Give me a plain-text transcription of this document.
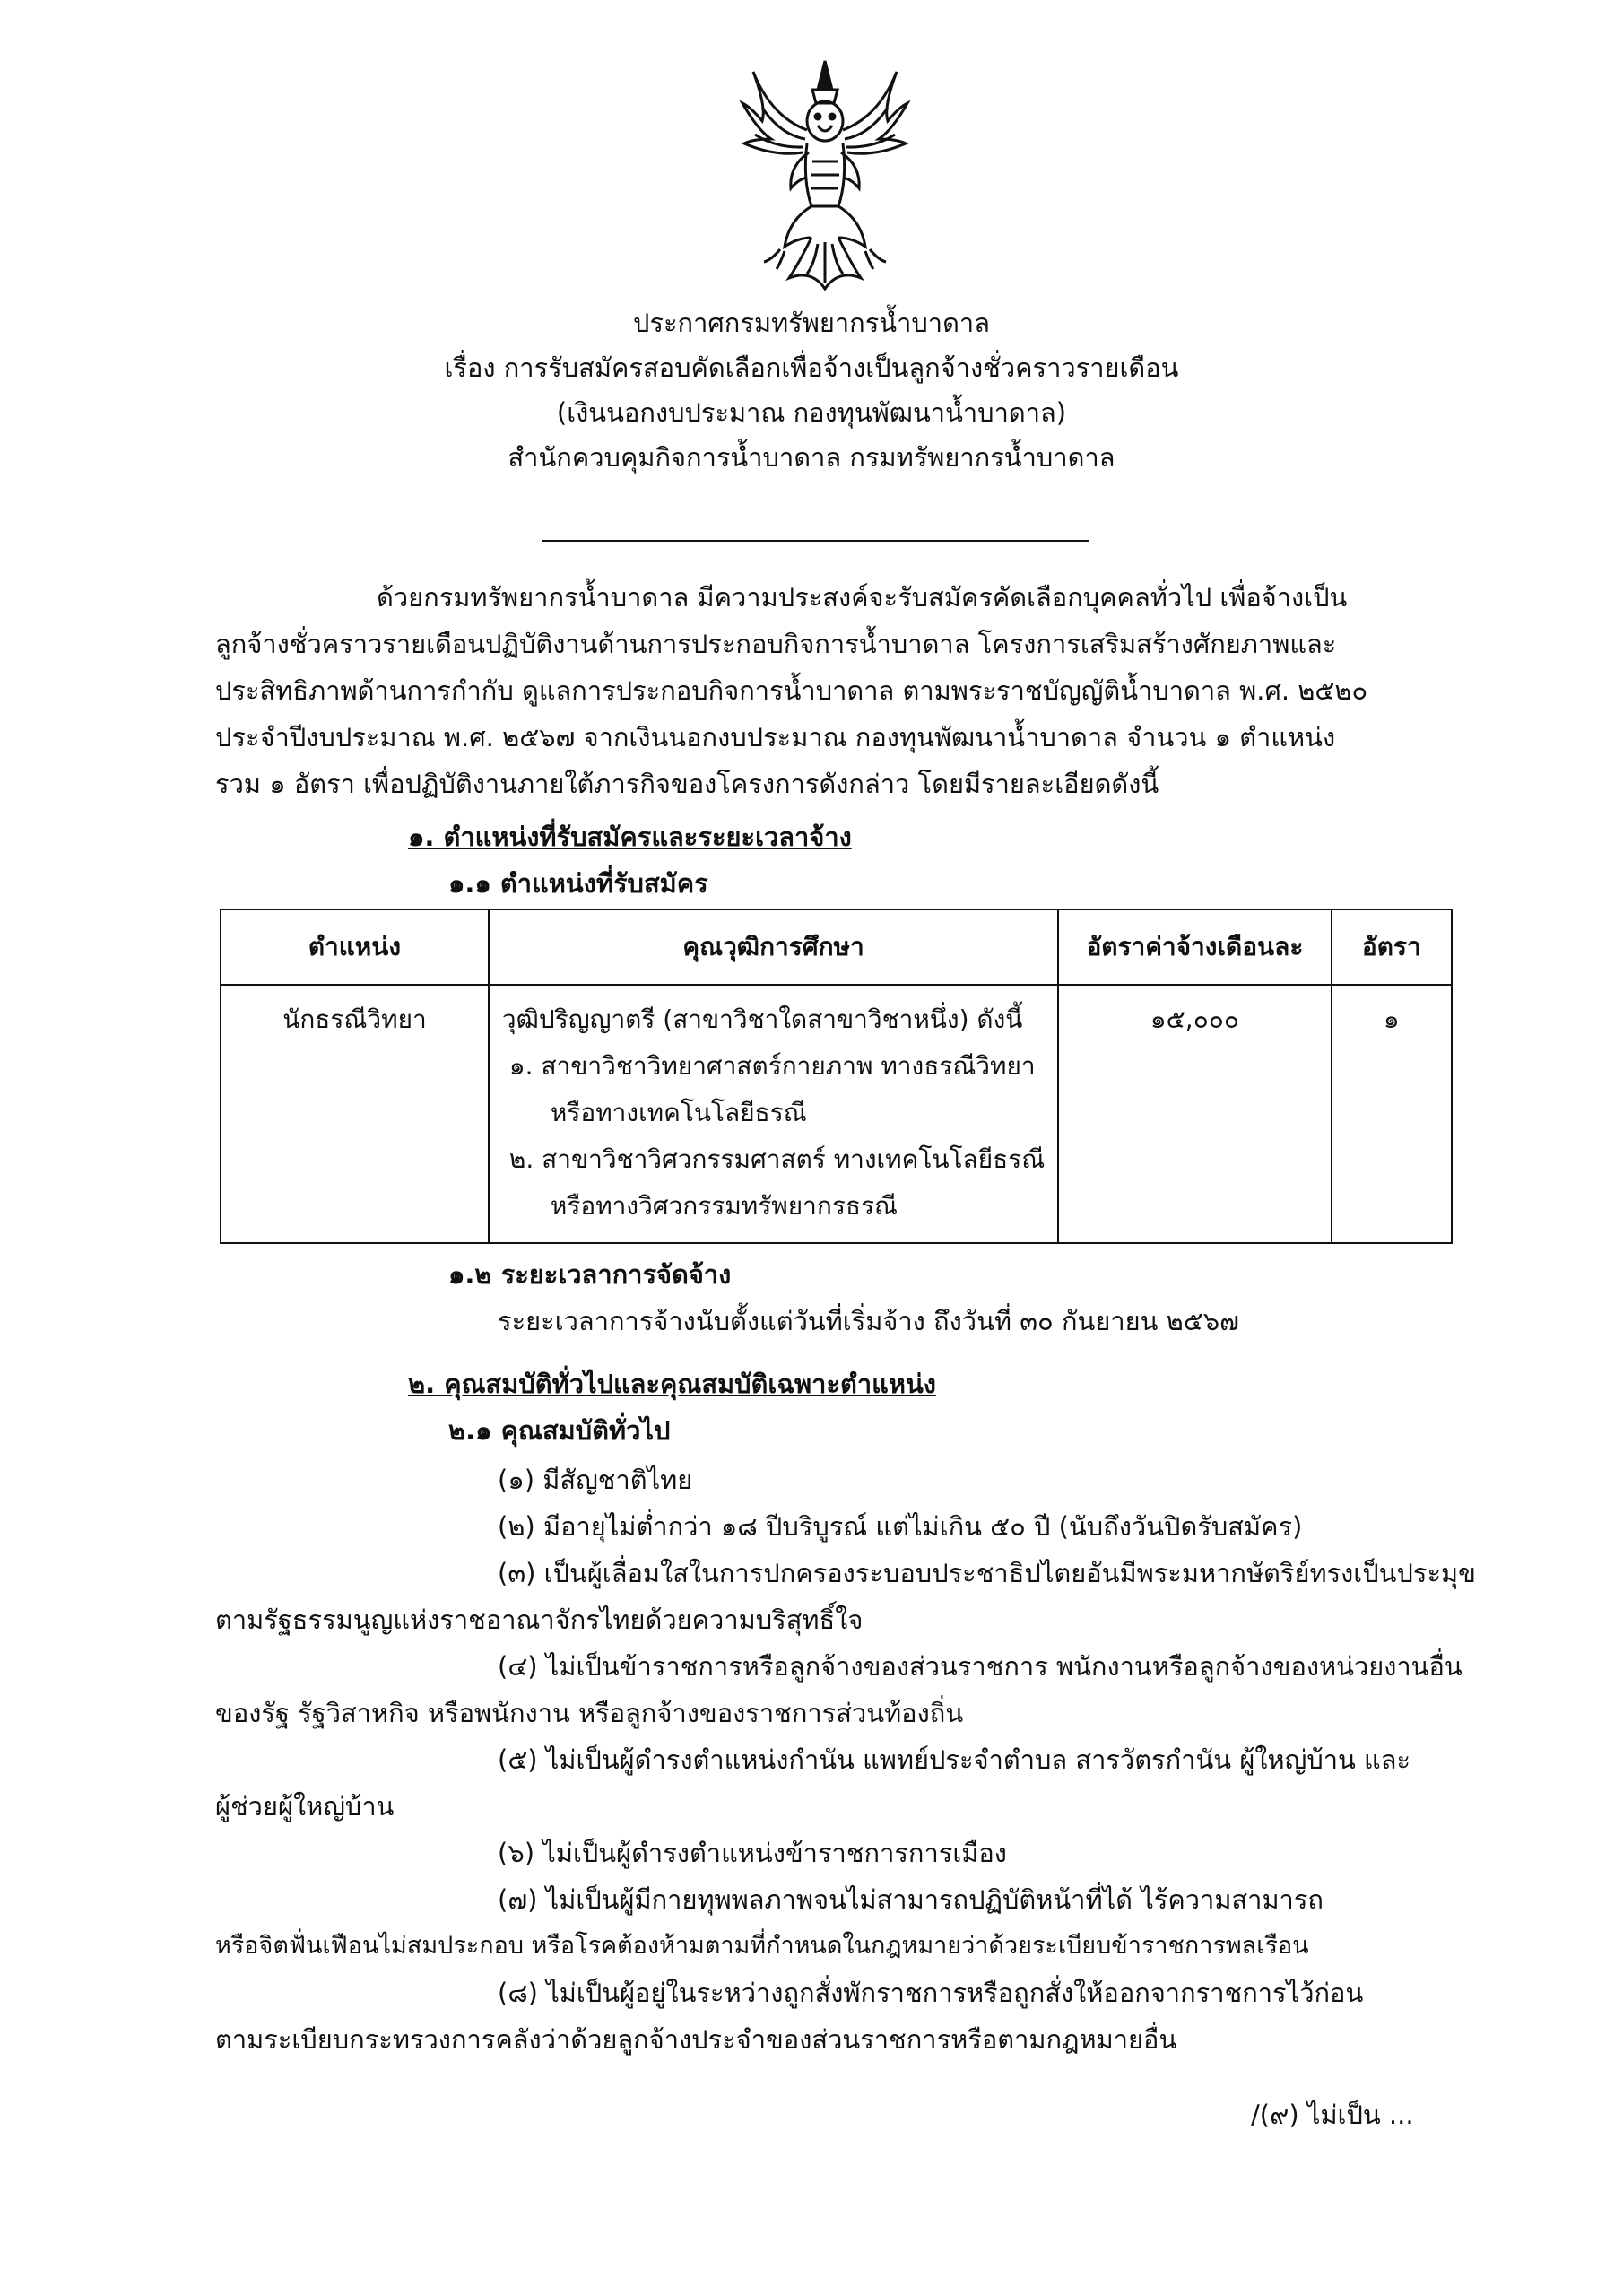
ประกาศกรมทรัพยากรน้ำบาดาล
เรื่อง การรับสมัครสอบคัดเลือกเพื่อจ้างเป็นลูกจ้างชั่วคราวรายเดือน
(เงินนอกงบประมาณ กองทุนพัฒนาน้ำบาดาล)
สำนักควบคุมกิจการน้ำบาดาล กรมทรัพยากรน้ำบาดาล
ด้วยกรมทรัพยากรน้ำบาดาล มีความประสงค์จะรับสมัครคัดเลือกบุคคลทั่วไป เพื่อจ้างเป็น
ลูกจ้างชั่วคราวรายเดือนปฏิบัติงานด้านการประกอบกิจการน้ำบาดาล โครงการเสริมสร้างศักยภาพและ
ประสิทธิภาพด้านการกำกับ ดูแลการประกอบกิจการน้ำบาดาล ตามพระราชบัญญัติน้ำบาดาล พ.ศ. ๒๕๒๐
ประจำปีงบประมาณ พ.ศ. ๒๕๖๗ จากเงินนอกงบประมาณ กองทุนพัฒนาน้ำบาดาล จำนวน ๑ ตำแหน่ง
รวม ๑ อัตรา เพื่อปฏิบัติงานภายใต้ภารกิจของโครงการดังกล่าว โดยมีรายละเอียดดังนี้
๑. ตำแหน่งที่รับสมัครและระยะเวลาจ้าง
๑.๑ ตำแหน่งที่รับสมัคร
ตำแหน่ง	คุณวุฒิการศึกษา	อัตราค่าจ้างเดือนละ	อัตรา
นักธรณีวิทยา	วุฒิปริญญาตรี (สาขาวิชาใดสาขาวิชาหนึ่ง) ดังนี้
๑. สาขาวิชาวิทยาศาสตร์กายภาพ ทางธรณีวิทยา
หรือทางเทคโนโลยีธรณี
๒. สาขาวิชาวิศวกรรมศาสตร์ ทางเทคโนโลยีธรณี
หรือทางวิศวกรรมทรัพยากรธรณี	๑๕,๐๐๐	๑
๑.๒ ระยะเวลาการจัดจ้าง
ระยะเวลาการจ้างนับตั้งแต่วันที่เริ่มจ้าง ถึงวันที่ ๓๐ กันยายน ๒๕๖๗
๒. คุณสมบัติทั่วไปและคุณสมบัติเฉพาะตำแหน่ง
๒.๑ คุณสมบัติทั่วไป
(๑) มีสัญชาติไทย
(๒) มีอายุไม่ต่ำกว่า ๑๘ ปีบริบูรณ์ แต่ไม่เกิน ๕๐ ปี (นับถึงวันปิดรับสมัคร)
(๓) เป็นผู้เลื่อมใสในการปกครองระบอบประชาธิปไตยอันมีพระมหากษัตริย์ทรงเป็นประมุข
ตามรัฐธรรมนูญแห่งราชอาณาจักรไทยด้วยความบริสุทธิ์ใจ
(๔) ไม่เป็นข้าราชการหรือลูกจ้างของส่วนราชการ พนักงานหรือลูกจ้างของหน่วยงานอื่น
ของรัฐ รัฐวิสาหกิจ หรือพนักงาน หรือลูกจ้างของราชการส่วนท้องถิ่น
(๕) ไม่เป็นผู้ดำรงตำแหน่งกำนัน แพทย์ประจำตำบล สารวัตรกำนัน ผู้ใหญ่บ้าน และ
ผู้ช่วยผู้ใหญ่บ้าน
(๖) ไม่เป็นผู้ดำรงตำแหน่งข้าราชการการเมือง
(๗) ไม่เป็นผู้มีกายทุพพลภาพจนไม่สามารถปฏิบัติหน้าที่ได้ ไร้ความสามารถ
หรือจิตฟั่นเฟือนไม่สมประกอบ หรือโรคต้องห้ามตามที่กำหนดในกฎหมายว่าด้วยระเบียบข้าราชการพลเรือน
(๘) ไม่เป็นผู้อยู่ในระหว่างถูกสั่งพักราชการหรือถูกสั่งให้ออกจากราชการไว้ก่อน
ตามระเบียบกระทรวงการคลังว่าด้วยลูกจ้างประจำของส่วนราชการหรือตามกฎหมายอื่น
/(๙) ไม่เป็น ...
